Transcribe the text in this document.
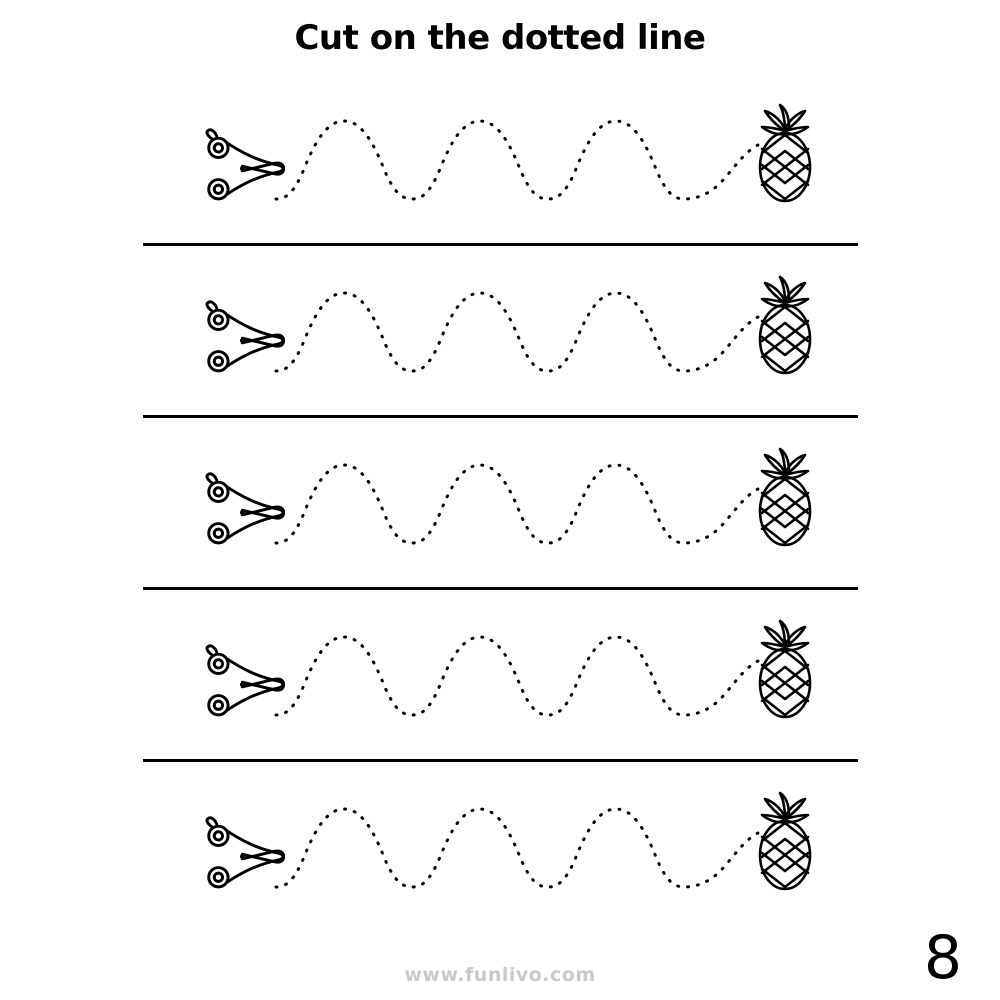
Cut on the dotted line
www.funlivo.com	8
